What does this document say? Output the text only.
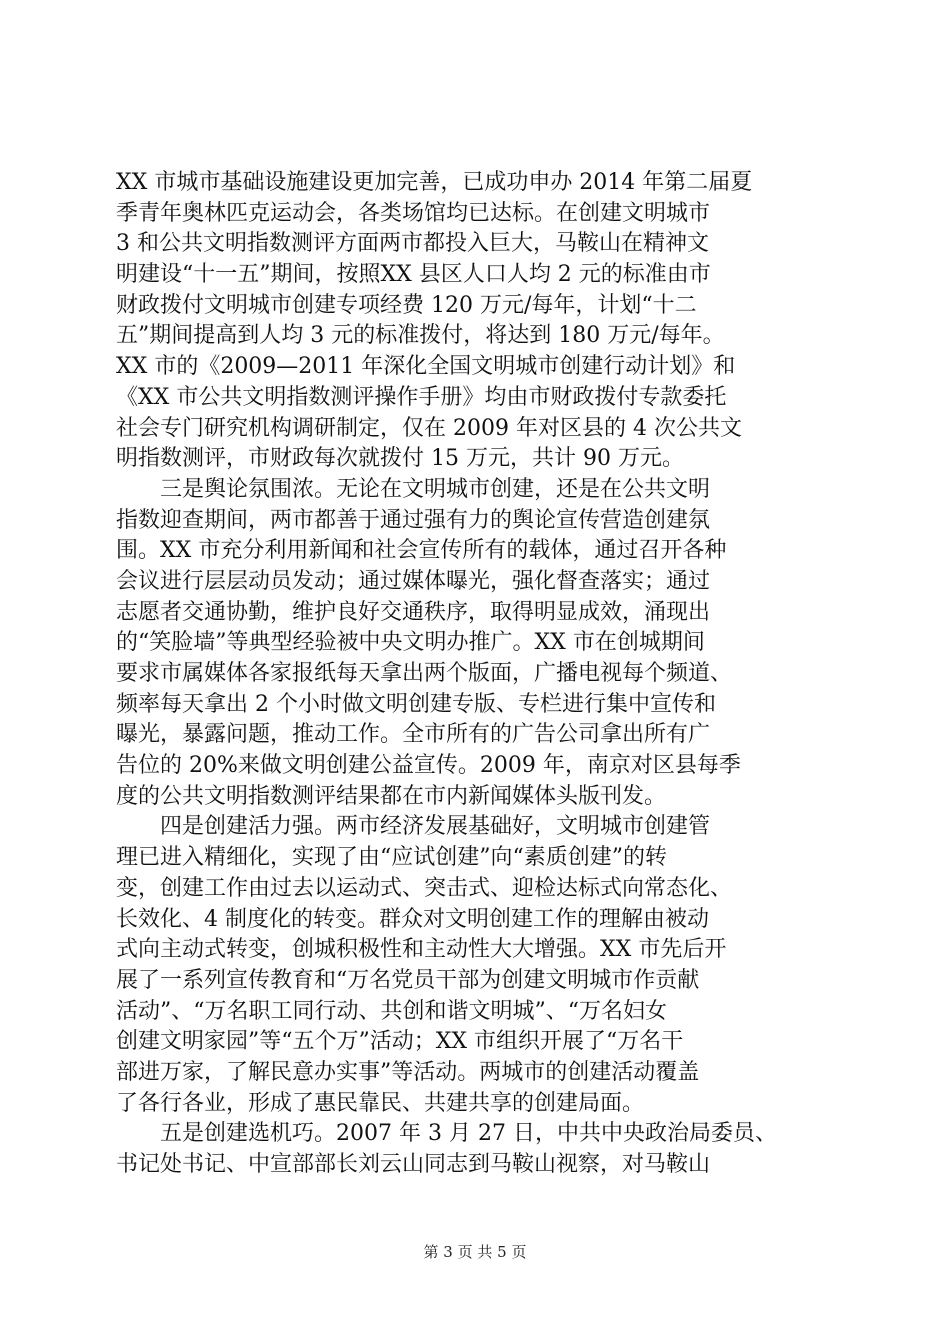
XX 市城市基础设施建设更加完善，已成功申办 2014 年第二届夏
季青年奥林匹克运动会，各类场馆均已达标。在创建文明城市
3 和公共文明指数测评方面两市都投入巨大，马鞍山在精神文
明建设“十一五”期间，按照XX 县区人口人均 2 元的标准由市
财政拨付文明城市创建专项经费 120 万元/每年，计划“十二
五”期间提高到人均 3 元的标准拨付，将达到 180 万元/每年。
XX 市的《2009—2011 年深化全国文明城市创建行动计划》和
《XX 市公共文明指数测评操作手册》均由市财政拨付专款委托
社会专门研究机构调研制定，仅在 2009 年对区县的 4 次公共文
明指数测评，市财政每次就拨付 15 万元，共计 90 万元。
　　三是舆论氛围浓。无论在文明城市创建，还是在公共文明
指数迎查期间，两市都善于通过强有力的舆论宣传营造创建氛
围。XX 市充分利用新闻和社会宣传所有的载体，通过召开各种
会议进行层层动员发动；通过媒体曝光，强化督查落实；通过
志愿者交通协勤，维护良好交通秩序，取得明显成效，涌现出
的“笑脸墙”等典型经验被中央文明办推广。XX 市在创城期间
要求市属媒体各家报纸每天拿出两个版面，广播电视每个频道、
频率每天拿出 2 个小时做文明创建专版、专栏进行集中宣传和
曝光，暴露问题，推动工作。全市所有的广告公司拿出所有广
告位的 20%来做文明创建公益宣传。2009 年，南京对区县每季
度的公共文明指数测评结果都在市内新闻媒体头版刊发。
　　四是创建活力强。两市经济发展基础好，文明城市创建管
理已进入精细化，实现了由“应试创建”向“素质创建”的转
变，创建工作由过去以运动式、突击式、迎检达标式向常态化、
长效化、4 制度化的转变。群众对文明创建工作的理解由被动
式向主动式转变，创城积极性和主动性大大增强。XX 市先后开
展了一系列宣传教育和“万名党员干部为创建文明城市作贡献
活动”、“万名职工同行动、共创和谐文明城”、“万名妇女
创建文明家园”等“五个万”活动；XX 市组织开展了“万名干
部进万家，了解民意办实事”等活动。两城市的创建活动覆盖
了各行各业，形成了惠民靠民、共建共享的创建局面。
　　五是创建选机巧。2007 年 3 月 27 日，中共中央政治局委员、
书记处书记、中宣部部长刘云山同志到马鞍山视察，对马鞍山
第 3 页 共 5 页
